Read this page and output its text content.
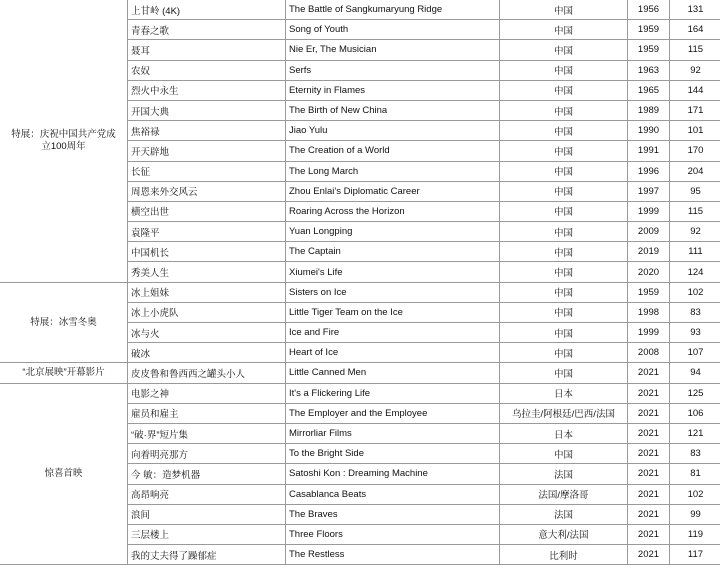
特展：庆祝中国共产党成立100周年	上甘岭 (4K)	The Battle of Sangkumaryung Ridge	中国	1956	131
	青春之歌	Song of Youth	中国	1959	164
	聂耳	Nie Er, The Musician	中国	1959	115
	农奴	Serfs	中国	1963	92
	烈火中永生	Eternity in Flames	中国	1965	144
	开国大典	The Birth of New China	中国	1989	171
	焦裕禄	Jiao Yulu	中国	1990	101
	开天辟地	The Creation of a World	中国	1991	170
	长征	The Long March	中国	1996	204
	周恩来外交风云	Zhou Enlai's Diplomatic Career	中国	1997	95
	横空出世	Roaring Across the Horizon	中国	1999	115
	袁隆平	Yuan Longping	中国	2009	92
	中国机长	The Captain	中国	2019	111
	秀美人生	Xiumei's Life	中国	2020	124
特展：冰雪冬奥	冰上姐妹	Sisters on Ice	中国	1959	102
	冰上小虎队	Little Tiger Team on the Ice	中国	1998	83
	冰与火	Ice and Fire	中国	1999	93
	破冰	Heart of Ice	中国	2008	107
“北京展映”开幕影片	皮皮鲁和鲁西西之罐头小人	Little Canned Men	中国	2021	94
惊喜首映	电影之神	It's a Flickering Life	日本	2021	125
	雇员和雇主	The Employer and the Employee	乌拉圭/阿根廷/巴西/法国	2021	106
	“破·界”短片集	Mirrorliar Films	日本	2021	121
	向着明亮那方	To the Bright Side	中国	2021	83
	今 敏：造梦机器	Satoshi Kon : Dreaming Machine	法国	2021	81
	高昂响亮	Casablanca Beats	法国/摩洛哥	2021	102
	浪间	The Braves	法国	2021	99
	三层楼上	Three Floors	意大利/法国	2021	119
	我的丈夫得了躁郁症	The Restless	比利时	2021	117
